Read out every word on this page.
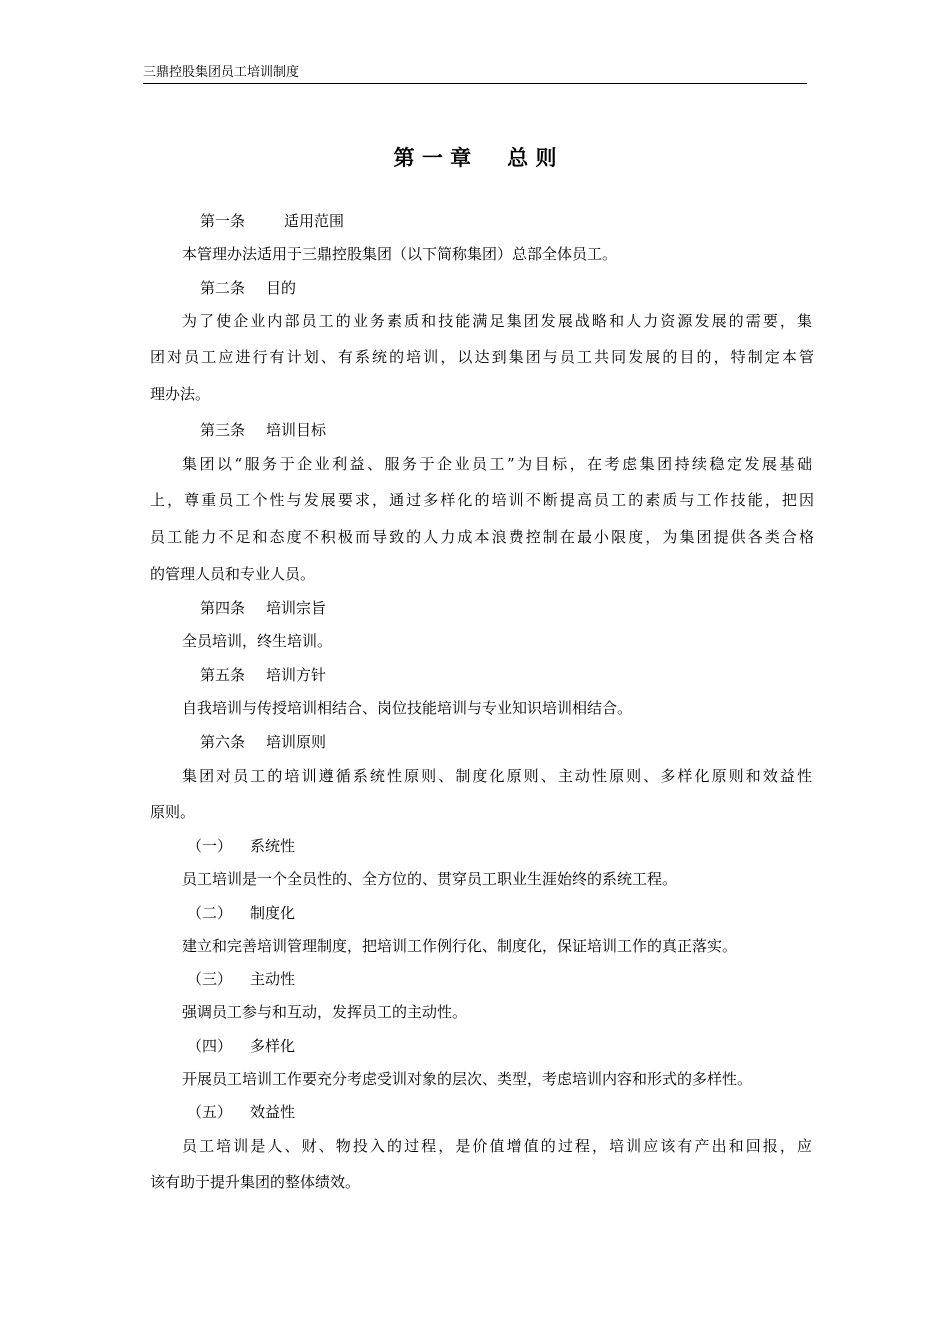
三鼎控股集团员工培训制度
第 一 章 总 则
第一条	适用范围
本管理办法适用于三鼎控股集团（以下简称集团）总部全体员工。
第二条 目的
为了使企业内部员工的业务素质和技能满足集团发展战略和人力资源发展的需要，集
团对员工应进行有计划、有系统的培训，以达到集团与员工共同发展的目的，特制定本管
理办法。
第三条 培训目标
集团以“服务于企业利益、服务于企业员工”为目标，在考虑集团持续稳定发展基础
上，尊重员工个性与发展要求，通过多样化的培训不断提高员工的素质与工作技能，把因
员工能力不足和态度不积极而导致的人力成本浪费控制在最小限度，为集团提供各类合格
的管理人员和专业人员。
第四条 培训宗旨
全员培训，终生培训。
第五条 培训方针
自我培训与传授培训相结合、岗位技能培训与专业知识培训相结合。
第六条 培训原则
集团对员工的培训遵循系统性原则、制度化原则、主动性原则、多样化原则和效益性
原则。
（一） 系统性
员工培训是一个全员性的、全方位的、贯穿员工职业生涯始终的系统工程。
（二） 制度化
建立和完善培训管理制度，把培训工作例行化、制度化，保证培训工作的真正落实。
（三） 主动性
强调员工参与和互动，发挥员工的主动性。
（四） 多样化
开展员工培训工作要充分考虑受训对象的层次、类型，考虑培训内容和形式的多样性。
（五） 效益性
员工培训是人、财、物投入的过程，是价值增值的过程，培训应该有产出和回报，应
该有助于提升集团的整体绩效。
